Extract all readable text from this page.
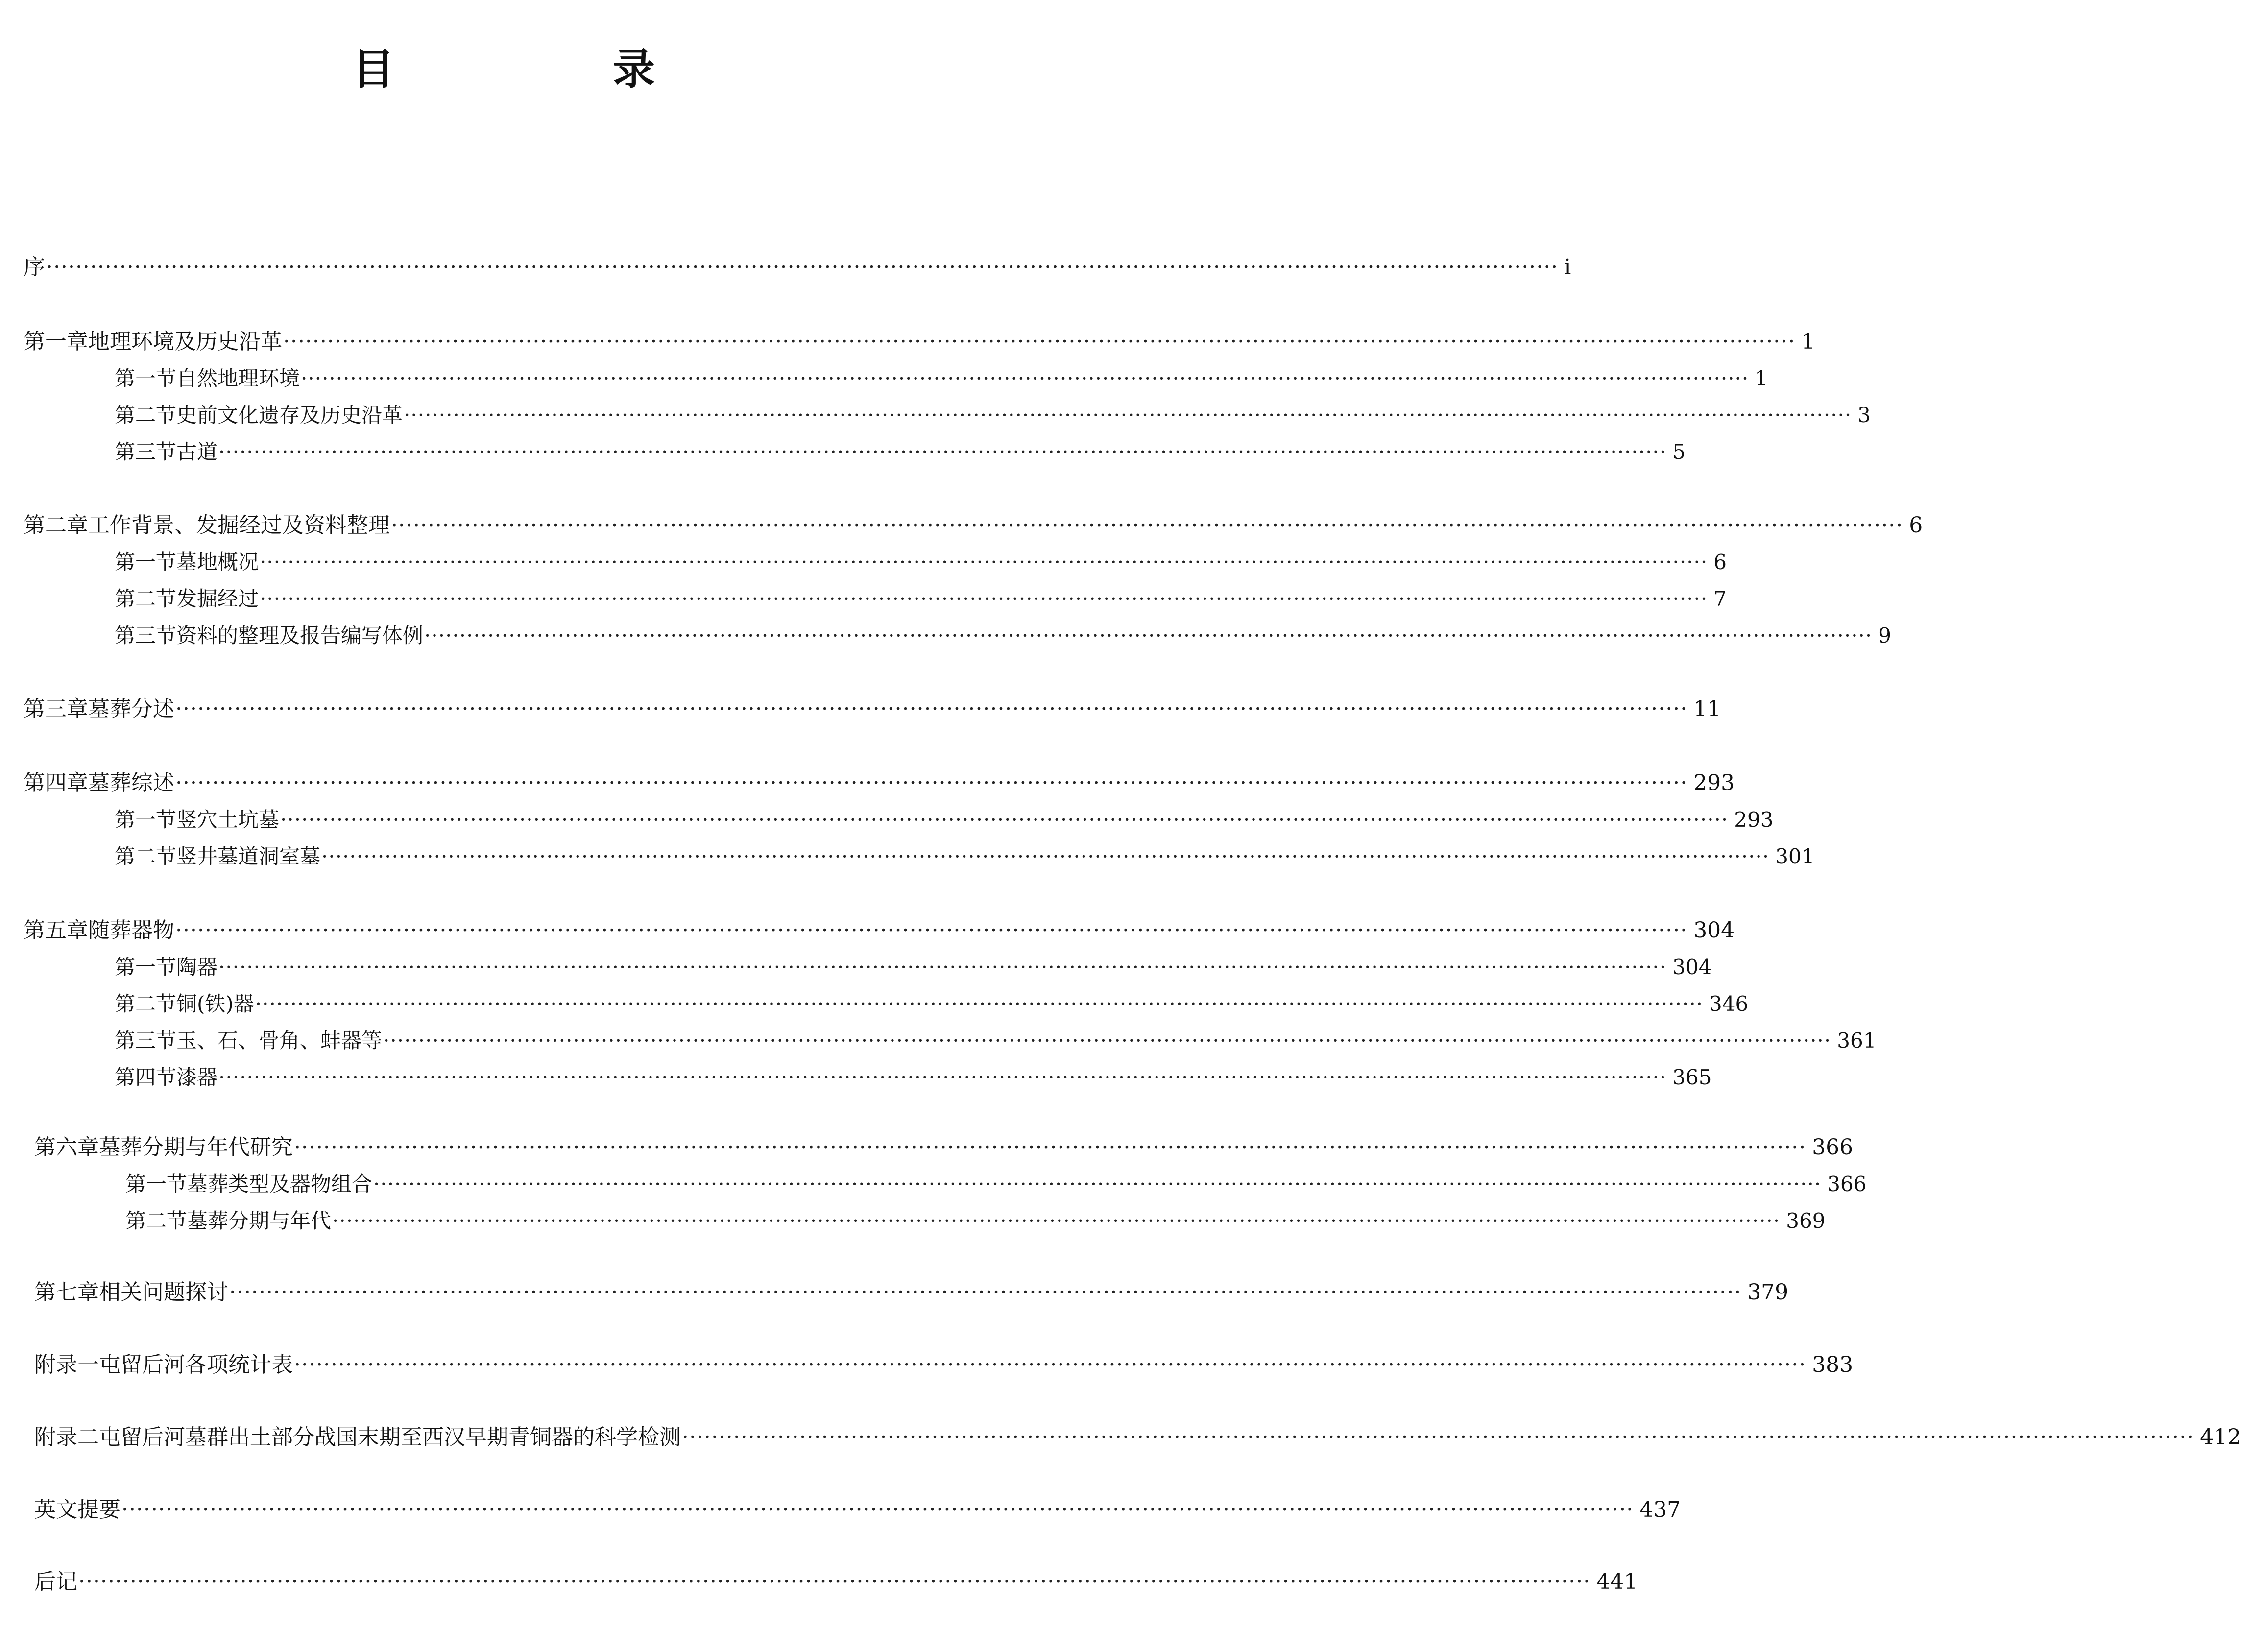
目　录
序 ·············································································································································································································· i
第一章 地理环境及历史沿革 ·············································································································································································································· 1
第一节 自然地理环境 ·············································································································································································································· 1
第二节 史前文化遗存及历史沿革 ·············································································································································································································· 3
第三节 古道 ·············································································································································································································· 5
第二章 工作背景、发掘经过及资料整理 ·············································································································································································································· 6
第一节 墓地概况 ·············································································································································································································· 6
第二节 发掘经过 ·············································································································································································································· 7
第三节 资料的整理及报告编写体例 ·············································································································································································································· 9
第三章 墓葬分述 ·············································································································································································································· 11
第四章 墓葬综述 ·············································································································································································································· 293
第一节 竖穴土坑墓 ·············································································································································································································· 293
第二节 竖井墓道洞室墓 ·············································································································································································································· 301
第五章 随葬器物 ·············································································································································································································· 304
第一节 陶器 ·············································································································································································································· 304
第二节 铜(铁)器 ·············································································································································································································· 346
第三节 玉、石、骨角、蚌器等 ·············································································································································································································· 361
第四节 漆器 ·············································································································································································································· 365
第六章 墓葬分期与年代研究 ·············································································································································································································· 366
第一节 墓葬类型及器物组合 ·············································································································································································································· 366
第二节 墓葬分期与年代 ·············································································································································································································· 369
第七章 相关问题探讨 ·············································································································································································································· 379
附录一 屯留后河各项统计表 ·············································································································································································································· 383
附录二 屯留后河墓群出土部分战国末期至西汉早期青铜器的科学检测 ·············································································································································································································· 412
英文提要 ·············································································································································································································· 437
后记 ·············································································································································································································· 441
